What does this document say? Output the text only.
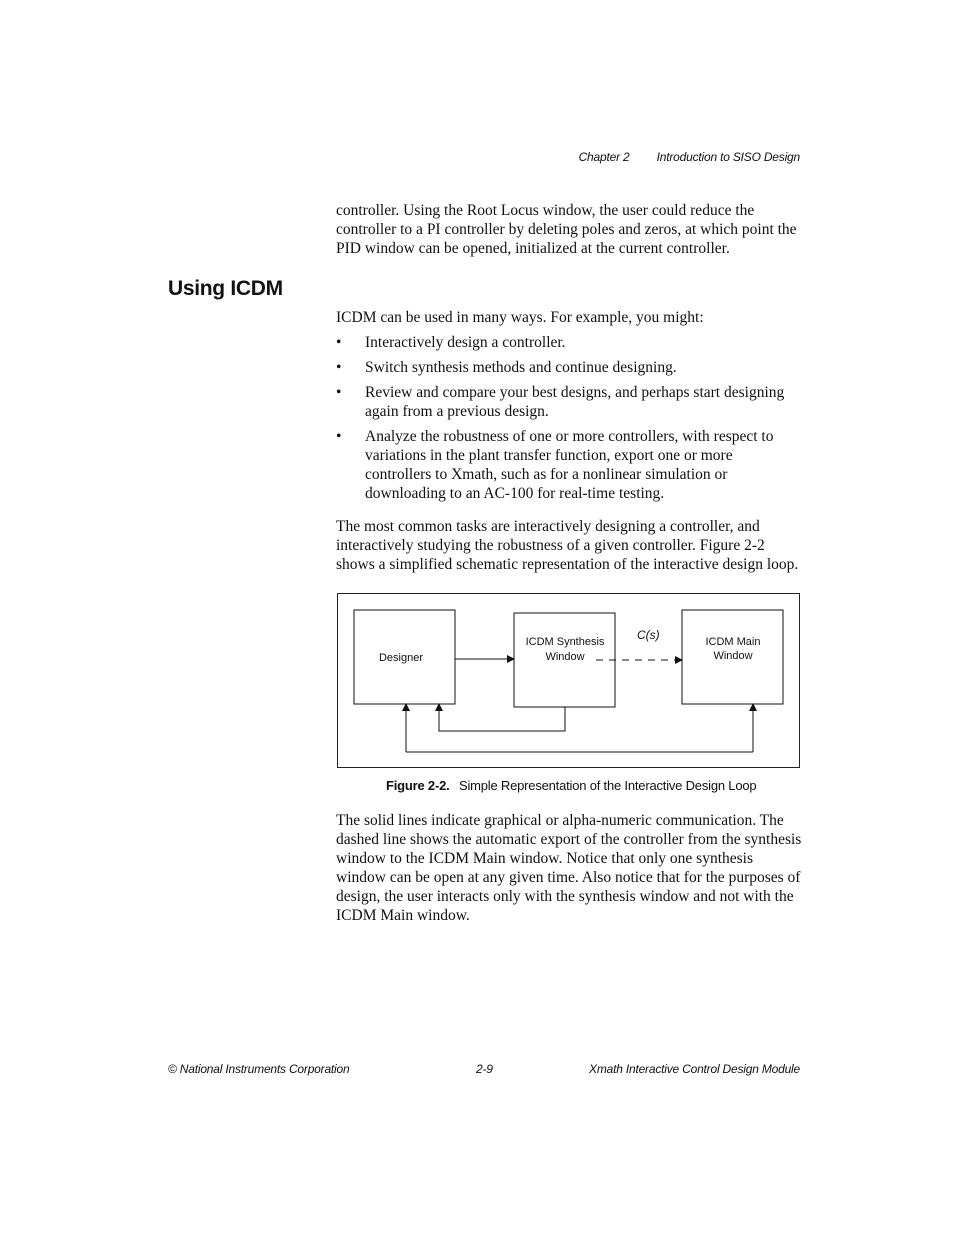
Chapter 2 Introduction to SISO Design

controller. Using the Root Locus window, the user could reduce the controller to a PI controller by deleting poles and zeros, at which point the PID window can be opened, initialized at the current controller.

Using ICDM

ICDM can be used in many ways. For example, you might:

• Interactively design a controller.
• Switch synthesis methods and continue designing.
• Review and compare your best designs, and perhaps start designing again from a previous design.
• Analyze the robustness of one or more controllers, with respect to variations in the plant transfer function, export one or more controllers to Xmath, such as for a nonlinear simulation or downloading to an AC-100 for real-time testing.

The most common tasks are interactively designing a controller, and interactively studying the robustness of a given controller. Figure 2-2 shows a simplified schematic representation of the interactive design loop.

Designer
ICDM Synthesis
Window
ICDM Main
Window
C(s)
Figure 2-2. Simple Representation of the Interactive Design Loop

The solid lines indicate graphical or alpha-numeric communication. The dashed line shows the automatic export of the controller from the synthesis window to the ICDM Main window. Notice that only one synthesis window can be open at any given time. Also notice that for the purposes of design, the user interacts only with the synthesis window and not with the ICDM Main window.

© National Instruments Corporation	2-9	Xmath Interactive Control Design Module
